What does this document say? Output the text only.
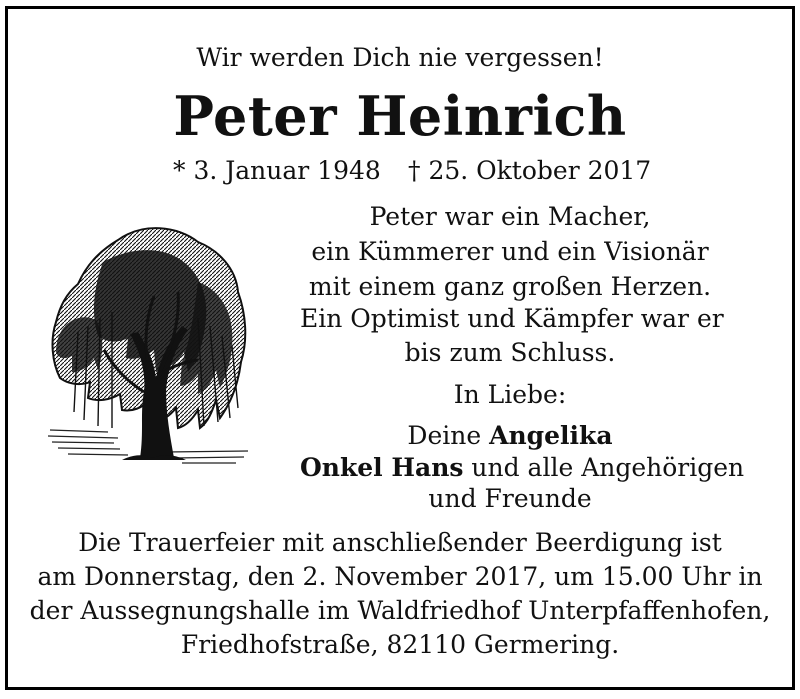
Wir werden Dich nie vergessen!
Peter Heinrich
* 3. Januar 1948 † 25. Oktober 2017
Peter war ein Macher,
ein Kümmerer und ein Visionär
mit einem ganz großen Herzen.
Ein Optimist und Kämpfer war er
bis zum Schluss.
In Liebe:
Deine Angelika
Onkel Hans und alle Angehörigen
und Freunde
Die Trauerfeier mit anschließender Beerdigung ist
am Donnerstag, den 2. November 2017, um 15.00 Uhr in
der Aussegnungshalle im Waldfriedhof Unterpfaffenhofen,
Friedhofstraße, 82110 Germering.
